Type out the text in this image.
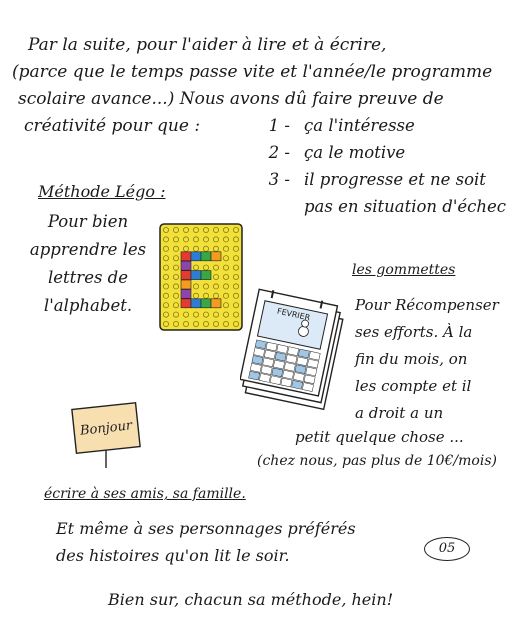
Par la suite, pour l'aider à lire et à écrire,
(parce que le temps passe vite et l'année/le programme
scolaire avance...) Nous avons dû faire preuve de
créativité pour que :	1 - ça l'intéresse
2 - ça le motive
3 - il progresse et ne soit
pas en situation d'échec
Méthode Légo :
Pour bien
apprendre les
lettres de
l'alphabet.	FEVRIER
les gommettes
Pour Récompenser
ses efforts. À la
fin du mois, on
les compte et il
a droit a un
petit quelque chose ...
(chez nous, pas plus de 10€/mois)
Bonjour
écrire à ses amis, sa famille.
Et même à ses personnages préférés
des histoires qu'on lit le soir.	05
Bien sur, chacun sa méthode, hein!
